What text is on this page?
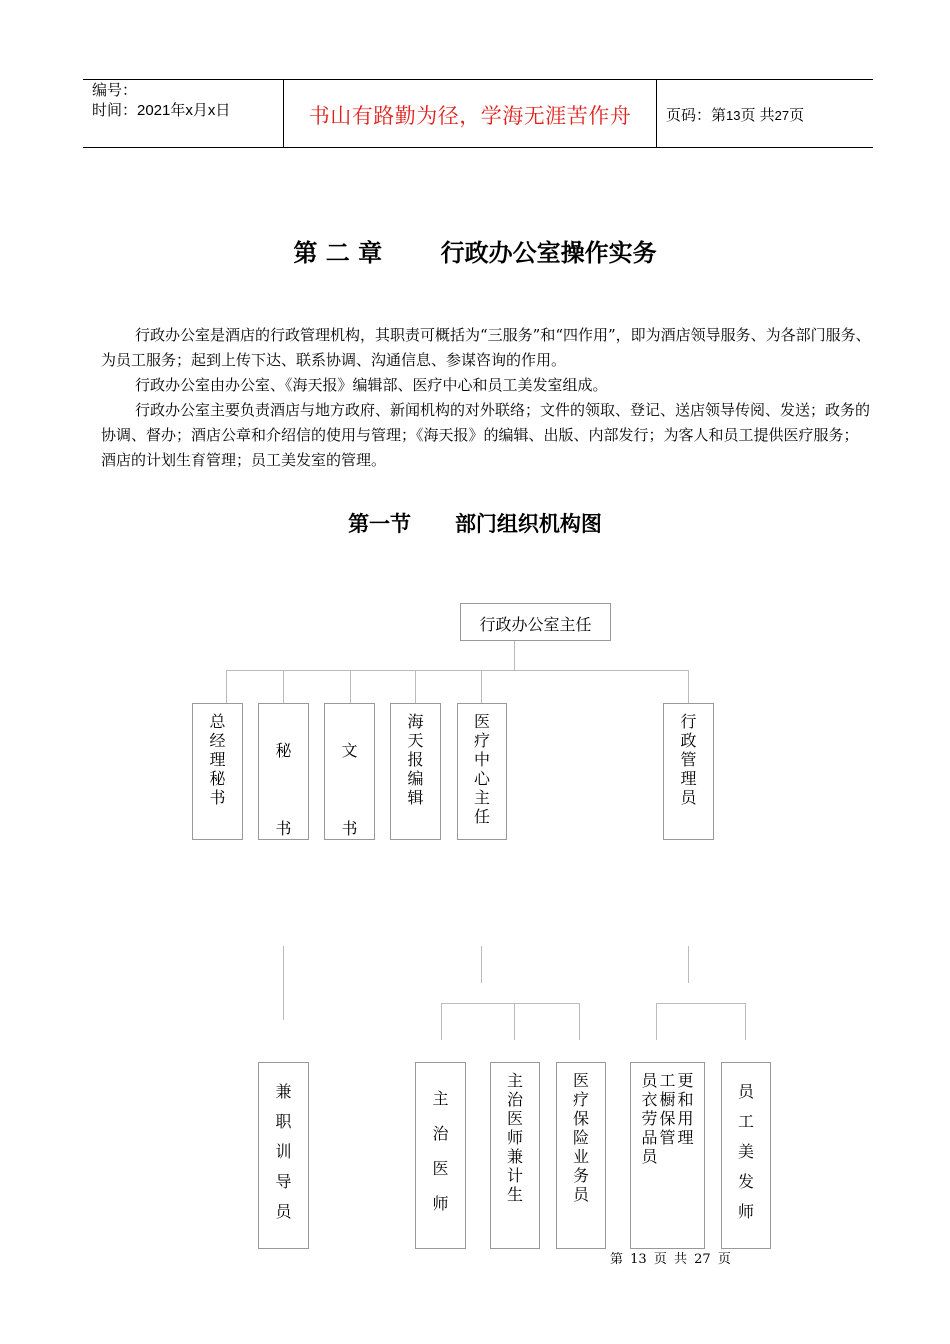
编号：
时间：2021年x月x日	书山有路勤为径，学海无涯苦作舟	页码：第13页 共27页
第 二 章 行政办公室操作实务
行政办公室是酒店的行政管理机构，其职责可概括为“三服务”和“四作用”，即为酒店领导服务、为各部门服务、为员工服务；起到上传下达、联系协调、沟通信息、参谋咨询的作用。
行政办公室由办公室、《海天报》编辑部、医疗中心和员工美发室组成。
行政办公室主要负责酒店与地方政府、新闻机构的对外联络；文件的领取、登记、送店领导传阅、发送；政务的协调、督办；酒店公章和介绍信的使用与管理；《海天报》的编辑、出版、内部发行；为客人和员工提供医疗服务；酒店的计划生育管理；员工美发室的管理。
第一节 部门组织机构图
行政办公室主任
总经理秘书
秘书
文书
海天报编辑
医疗中心主任
行政管理员
兼职训导员
主治医师
主治医师兼计生
医疗保险业务员
员工更衣橱和劳保用品管理员
员工美发师
第 13 页 共 27 页
